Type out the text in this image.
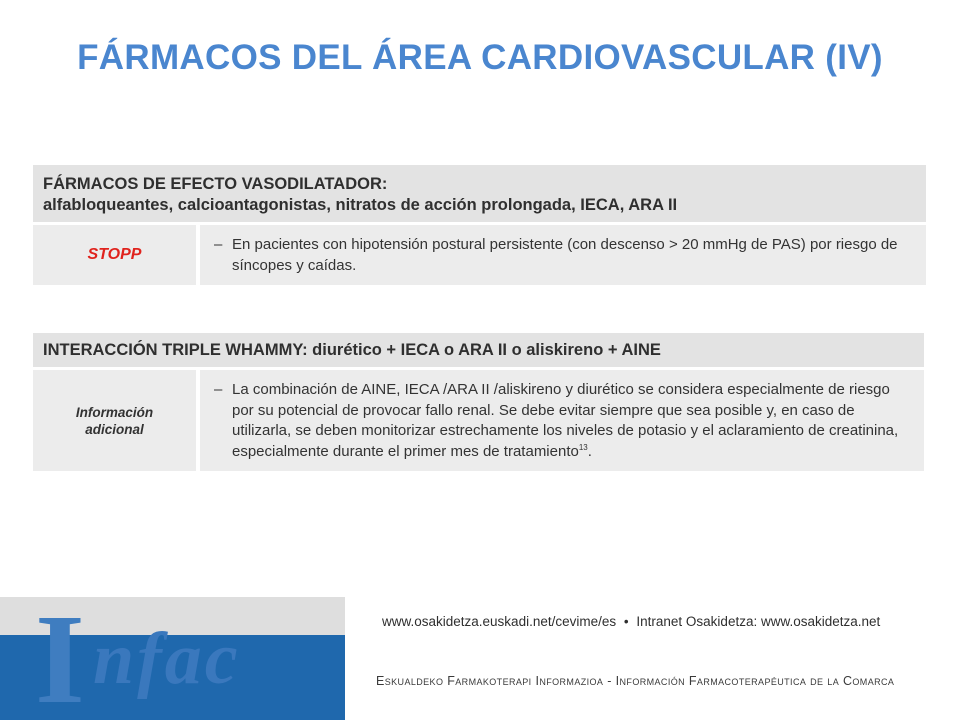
FÁRMACOS DEL ÁREA CARDIOVASCULAR (IV)
FÁRMACOS DE EFECTO VASODILATADOR:
alfabloqueantes, calcioantagonistas, nitratos de acción prolongada, IECA, ARA II
STOPP
– En pacientes con hipotensión postural persistente (con descenso > 20 mmHg de PAS) por riesgo de síncopes y caídas.
INTERACCIÓN TRIPLE WHAMMY: diurético + IECA o ARA II o aliskireno + AINE
Información adicional
– La combinación de AINE, IECA /ARA II /aliskireno y diurético se considera especialmente de riesgo por su potencial de provocar fallo renal. Se debe evitar siempre que sea posible y, en caso de utilizarla, se deben monitorizar estrechamente los niveles de potasio y el aclaramiento de creatinina, especialmente durante el primer mes de tratamiento$^{13}$.
I nfac	www.osakidetza.euskadi.net/cevime/es • Intranet Osakidetza: www.osakidetza.net
Eskualdeko Farmakoterapi Informazioa - Información Farmacoterapéutica de la Comarca
